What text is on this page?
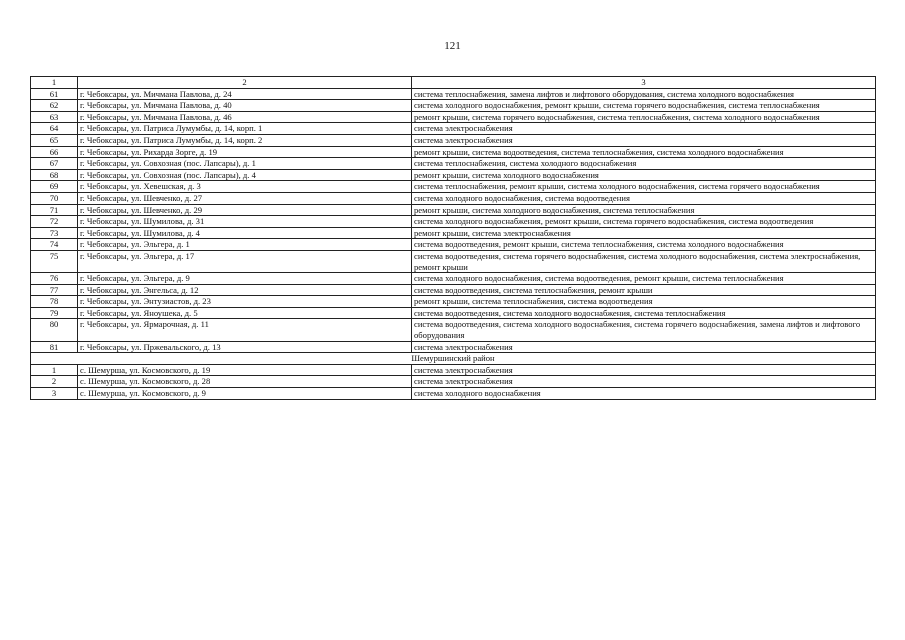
121
1	2	3
61	г. Чебоксары, ул. Мичмана Павлова, д. 24	система теплоснабжения, замена лифтов и лифтового оборудования, система холодного водоснабжения
62	г. Чебоксары, ул. Мичмана Павлова, д. 40	система холодного водоснабжения, ремонт крыши, система горячего водоснабжения, система теплоснабжения
63	г. Чебоксары, ул. Мичмана Павлова, д. 46	ремонт крыши, система горячего водоснабжения, система теплоснабжения, система холодного водоснабжения
64	г. Чебоксары, ул. Патриса Лумумбы, д. 14, корп. 1	система электроснабжения
65	г. Чебоксары, ул. Патриса Лумумбы, д. 14, корп. 2	система электроснабжения
66	г. Чебоксары, ул. Рихарда Зорге, д. 19	ремонт крыши, система водоотведения, система теплоснабжения, система холодного водоснабжения
67	г. Чебоксары, ул. Совхозная (пос. Лапсары), д. 1	система теплоснабжения, система холодного водоснабжения
68	г. Чебоксары, ул. Совхозная (пос. Лапсары), д. 4	ремонт крыши, система холодного водоснабжения
69	г. Чебоксары, ул. Хевешская, д. 3	система теплоснабжения, ремонт крыши, система холодного водоснабжения, система горячего водоснабжения
70	г. Чебоксары, ул. Шевченко, д. 27	система холодного водоснабжения, система водоотведения
71	г. Чебоксары, ул. Шевченко, д. 29	ремонт крыши, система холодного водоснабжения, система теплоснабжения
72	г. Чебоксары, ул. Шумилова, д. 31	система холодного водоснабжения, ремонт крыши, система горячего водоснабжения, система водоотведения
73	г. Чебоксары, ул. Шумилова, д. 4	ремонт крыши, система электроснабжения
74	г. Чебоксары, ул. Эльгера, д. 1	система водоотведения, ремонт крыши, система теплоснабжения, система холодного водоснабжения
75	г. Чебоксары, ул. Эльгера, д. 17	система водоотведения, система горячего водоснабжения, система холодного водоснабжения, система электроснабжения, ремонт крыши
76	г. Чебоксары, ул. Эльгера, д. 9	система холодного водоснабжения, система водоотведения, ремонт крыши, система теплоснабжения
77	г. Чебоксары, ул. Энгельса, д. 12	система водоотведения, система теплоснабжения, ремонт крыши
78	г. Чебоксары, ул. Энтузиастов, д. 23	ремонт крыши, система теплоснабжения, система водоотведения
79	г. Чебоксары, ул. Яноушека, д. 5	система водоотведения, система холодного водоснабжения, система теплоснабжения
80	г. Чебоксары, ул. Ярмарочная, д. 11	система водоотведения, система холодного водоснабжения, система горячего водоснабжения, замена лифтов и лифтового оборудования
81	г. Чебоксары, ул. Пржевальского, д. 13	система электроснабжения
Шемуршинский район		
1	с. Шемурша, ул. Космовского, д. 19	система электроснабжения
2	с. Шемурша, ул. Космовского, д. 28	система электроснабжения
3	с. Шемурша, ул. Космовского, д. 9	система холодного водоснабжения
